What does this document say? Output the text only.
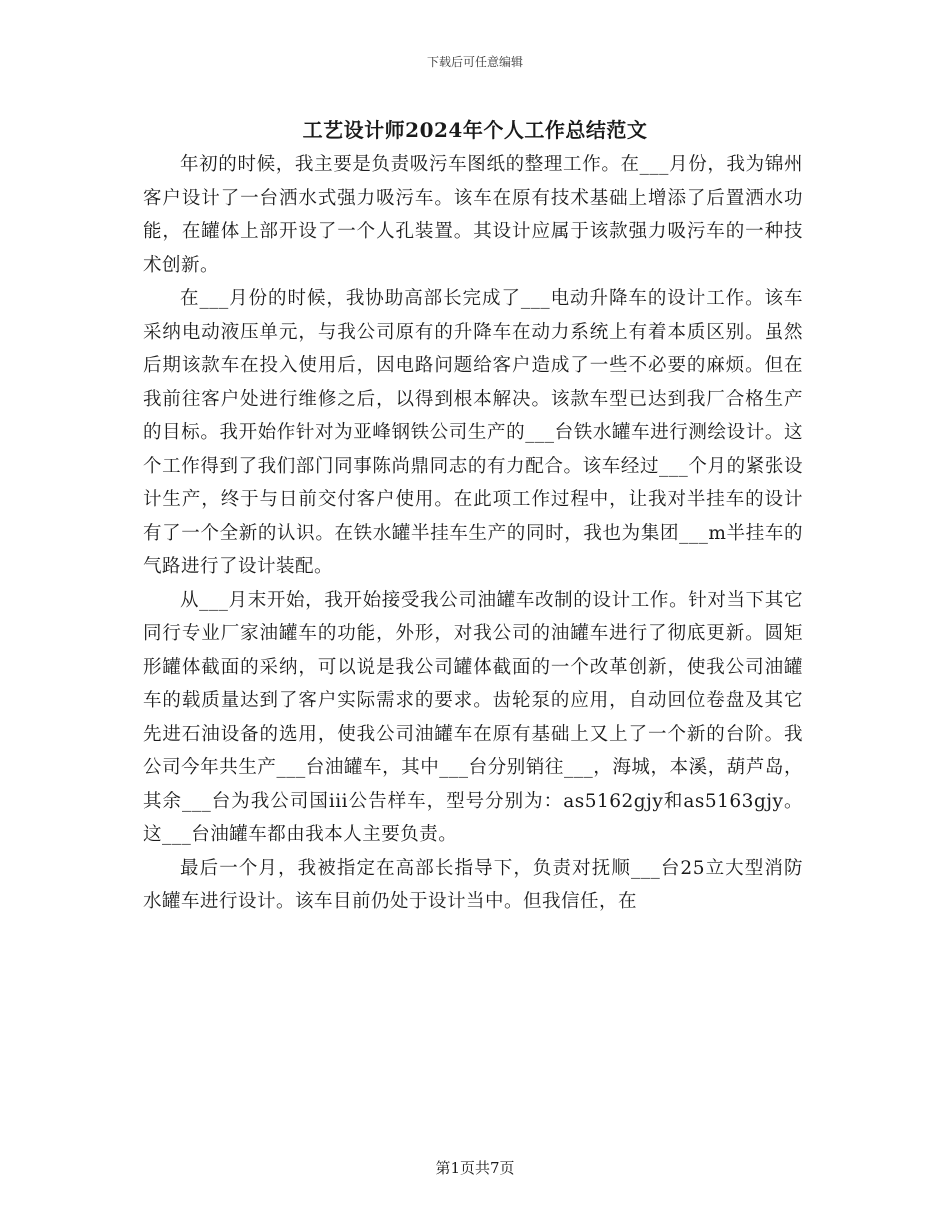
下载后可任意编辑
工艺设计师2024年个人工作总结范文

年初的时候，我主要是负责吸污车图纸的整理工作。在___月份，我为锦州客户设计了一台洒水式强力吸污车。该车在原有技术基础上增添了后置洒水功能，在罐体上部开设了一个人孔装置。其设计应属于该款强力吸污车的一种技术创新。

在___月份的时候，我协助高部长完成了___电动升降车的设计工作。该车采纳电动液压单元，与我公司原有的升降车在动力系统上有着本质区别。虽然后期该款车在投入使用后，因电路问题给客户造成了一些不必要的麻烦。但在我前往客户处进行维修之后，以得到根本解决。该款车型已达到我厂合格生产的目标。我开始作针对为亚峰钢铁公司生产的___台铁水罐车进行测绘设计。这个工作得到了我们部门同事陈尚鼎同志的有力配合。该车经过___个月的紧张设计生产，终于与日前交付客户使用。在此项工作过程中，让我对半挂车的设计有了一个全新的认识。在铁水罐半挂车生产的同时，我也为集团___m半挂车的气路进行了设计装配。

从___月末开始，我开始接受我公司油罐车改制的设计工作。针对当下其它同行专业厂家油罐车的功能，外形，对我公司的油罐车进行了彻底更新。圆矩形罐体截面的采纳，可以说是我公司罐体截面的一个改革创新，使我公司油罐车的载质量达到了客户实际需求的要求。齿轮泵的应用，自动回位卷盘及其它先进石油设备的选用，使我公司油罐车在原有基础上又上了一个新的台阶。我公司今年共生产___台油罐车，其中___台分别销往___，海城，本溪，葫芦岛，其余___台为我公司国iii公告样车，型号分别为：as5162gjy和as5163gjy。这___台油罐车都由我本人主要负责。

最后一个月，我被指定在高部长指导下，负责对抚顺___台25立大型消防水罐车进行设计。该车目前仍处于设计当中。但我信任，在

第1页共7页
